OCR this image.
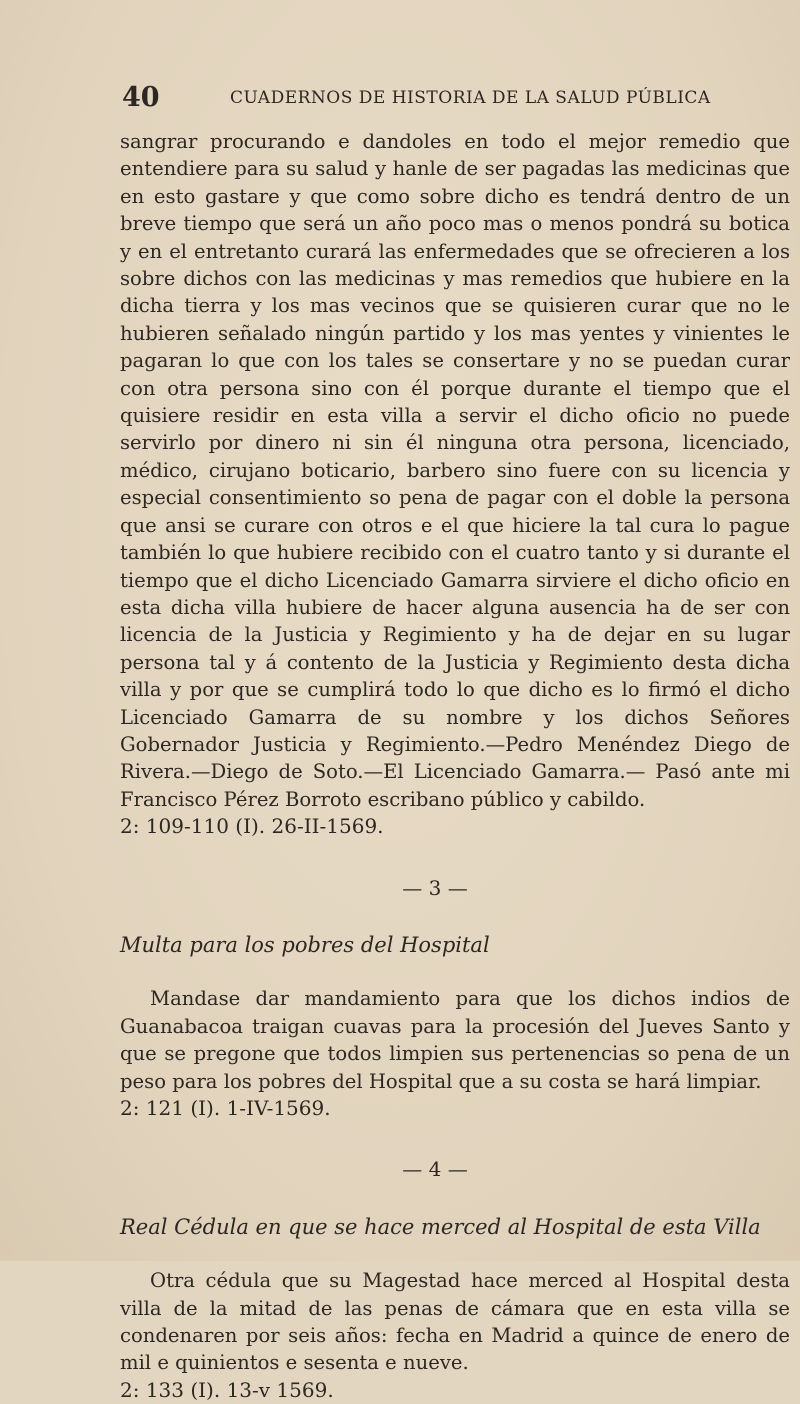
40	CUADERNOS DE HISTORIA DE LA SALUD PÚBLICA

sangrar procurando e dandoles en todo el mejor remedio que entendiere para su salud y hanle de ser pagadas las medicinas que en esto gastare y que como sobre dicho es tendrá dentro de un breve tiempo que será un año poco mas o menos pondrá su botica y en el entretanto curará las enfermedades que se ofrecieren a los sobre dichos con las medicinas y mas remedios que hubiere en la dicha tierra y los mas vecinos que se quisieren curar que no le hubieren señalado ningún partido y los mas yentes y vinientes le pagaran lo que con los tales se consertare y no se puedan curar con otra persona sino con él porque durante el tiempo que el quisiere residir en esta villa a servir el dicho oficio no puede servirlo por dinero ni sin él ninguna otra persona, licenciado, médico, cirujano boticario, barbero sino fuere con su licencia y especial consentimiento so pena de pagar con el doble la persona que ansi se curare con otros e el que hiciere la tal cura lo pague también lo que hubiere recibido con el cuatro tanto y si durante el tiempo que el dicho Licenciado Gamarra sirviere el dicho oficio en esta dicha villa hubiere de hacer alguna ausencia ha de ser con licencia de la Justicia y Regimiento y ha de dejar en su lugar persona tal y á contento de la Justicia y Regimiento desta dicha villa y por que se cumplirá todo lo que dicho es lo firmó el dicho Licenciado Gamarra de su nombre y los dichos Señores Gobernador Justicia y Regimiento.—Pedro Menéndez Diego de Rivera.—Diego de Soto.—El Licenciado Gamarra.— Pasó ante mi Francisco Pérez Borroto escribano público y cabildo.

2: 109-110 (I). 26-II-1569.

— 3 —
Multa para los pobres del Hospital

Mandase dar mandamiento para que los dichos indios de Guanabacoa traigan cuavas para la procesión del Jueves Santo y que se pregone que todos limpien sus pertenencias so pena de un peso para los pobres del Hospital que a su costa se hará limpiar.

2: 121 (I). 1-IV-1569.

— 4 —
Real Cédula en que se hace merced al Hospital de esta Villa

Otra cédula que su Magestad hace merced al Hospital desta villa de la mitad de las penas de cámara que en esta villa se condenaren por seis años: fecha en Madrid a quince de enero de mil e quinientos e sesenta e nueve.

2: 133 (I). 13-v 1569.
